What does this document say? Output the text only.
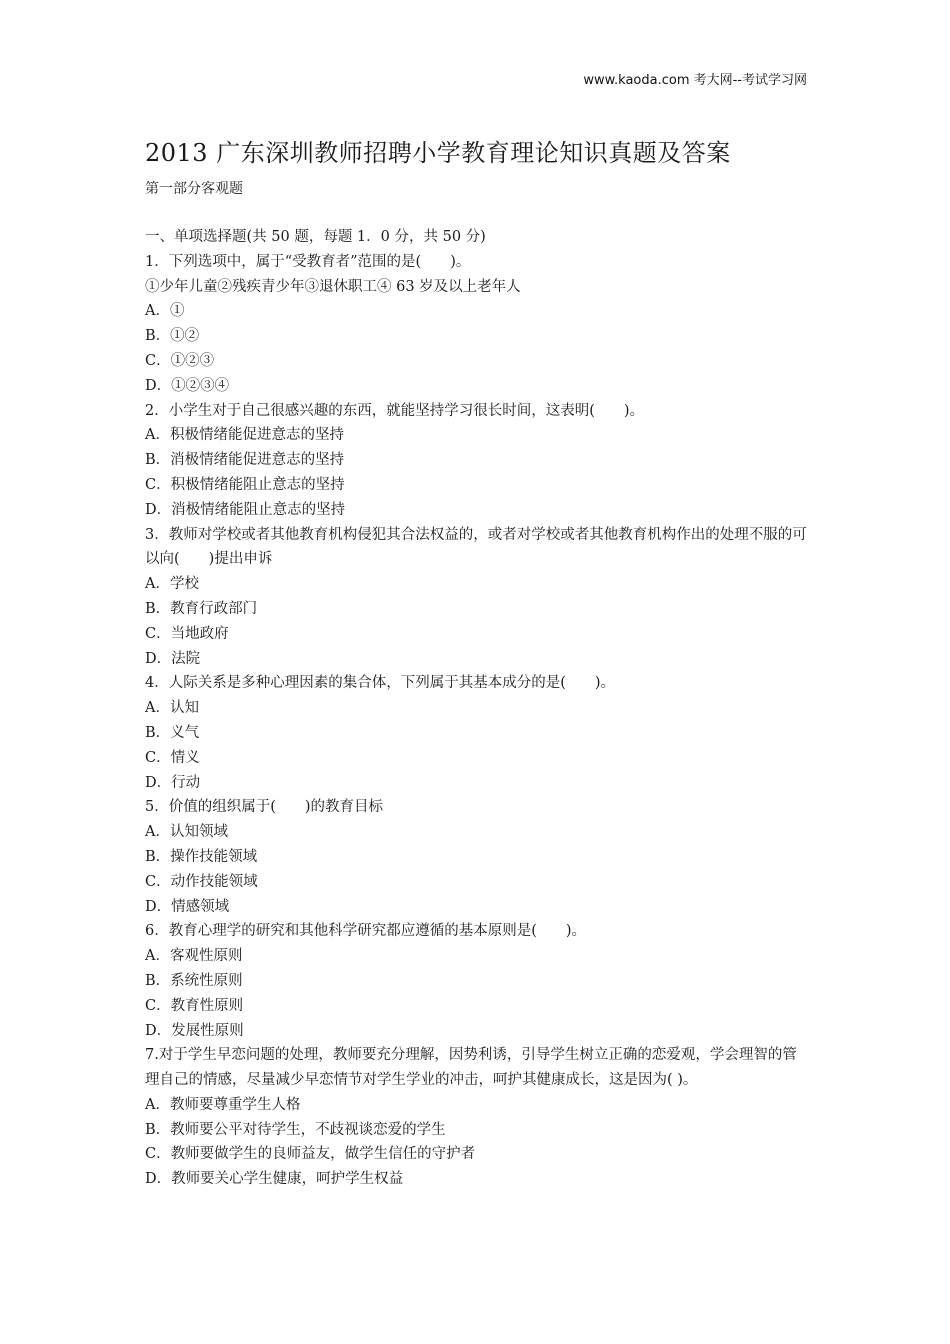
www.kaoda.com 考大网--考试学习网
2013 广东深圳教师招聘小学教育理论知识真题及答案
第一部分客观题
一、单项选择题(共 50 题，每题 1．0 分，共 50 分)
1．下列选项中，属于“受教育者”范围的是(　　)。
①少年儿童②残疾青少年③退休职工④ 63 岁及以上老年人
A．①
B．①②
C．①②③
D．①②③④
2．小学生对于自己很感兴趣的东西，就能坚持学习很长时间，这表明(　　)。
A．积极情绪能促进意志的坚持
B．消极情绪能促进意志的坚持
C．积极情绪能阻止意志的坚持
D．消极情绪能阻止意志的坚持
3．教师对学校或者其他教育机构侵犯其合法权益的，或者对学校或者其他教育机构作出的处理不服的可以向(　　)提出申诉
A．学校
B．教育行政部门
C．当地政府
D．法院
4．人际关系是多种心理因素的集合体，下列属于其基本成分的是(　　)。
A．认知
B．义气
C．情义
D．行动
5．价值的组织属于(　　)的教育目标
A．认知领域
B．操作技能领域
C．动作技能领域
D．情感领域
6．教育心理学的研究和其他科学研究都应遵循的基本原则是(　　)。
A．客观性原则
B．系统性原则
C．教育性原则
D．发展性原则
7.对于学生早恋问题的处理，教师要充分理解，因势利诱，引导学生树立正确的恋爱观，学会理智的管理自己的情感，尽量减少早恋情节对学生学业的冲击，呵护其健康成长，这是因为( )。
A．教师要尊重学生人格
B．教师要公平对待学生，不歧视谈恋爱的学生
C．教师要做学生的良师益友，做学生信任的守护者
D．教师要关心学生健康，呵护学生权益
